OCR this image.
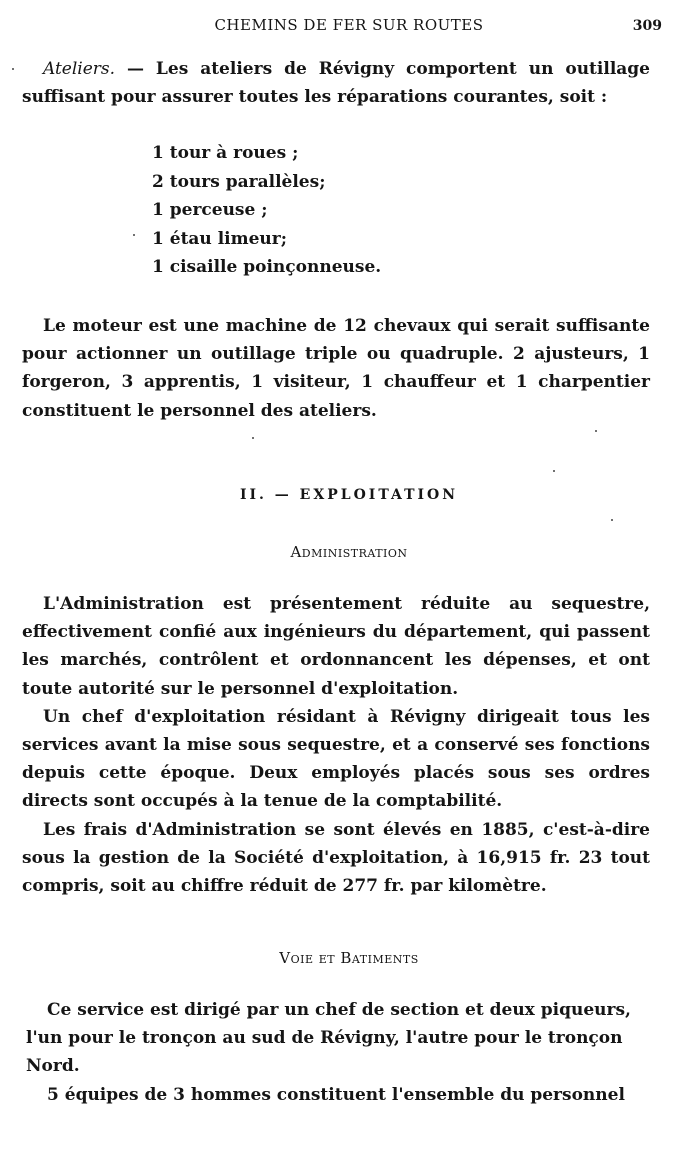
CHEMINS DE FER SUR ROUTES	309

Ateliers. — Les ateliers de Révigny comportent un outillage suffisant pour assurer toutes les réparations courantes, soit :

1 tour à roues ;
2 tours parallèles;
1 perceuse ;
1 étau limeur;
1 cisaille poinçonneuse.

Le moteur est une machine de 12 chevaux qui serait suffisante pour actionner un outillage triple ou quadruple. 2 ajusteurs, 1 forgeron, 3 apprentis, 1 visiteur, 1 chauffeur et 1 charpentier constituent le personnel des ateliers.

II. — EXPLOITATION
Administration

L'Administration est présentement réduite au sequestre, effectivement confié aux ingénieurs du département, qui passent les marchés, contrôlent et ordonnancent les dépenses, et ont toute autorité sur le personnel d'exploitation.

Un chef d'exploitation résidant à Révigny dirigeait tous les services avant la mise sous sequestre, et a conservé ses fonctions depuis cette époque. Deux employés placés sous ses ordres directs sont occupés à la tenue de la comptabilité.

Les frais d'Administration se sont élevés en 1885, c'est-à-dire sous la gestion de la Société d'exploitation, à 16,915 fr. 23 tout compris, soit au chiffre réduit de 277 fr. par kilomètre.

Voie et Batiments

Ce service est dirigé par un chef de section et deux piqueurs, l'un pour le tronçon au sud de Révigny, l'autre pour le tronçon Nord.

5 équipes de 3 hommes constituent l'ensemble du personnel
